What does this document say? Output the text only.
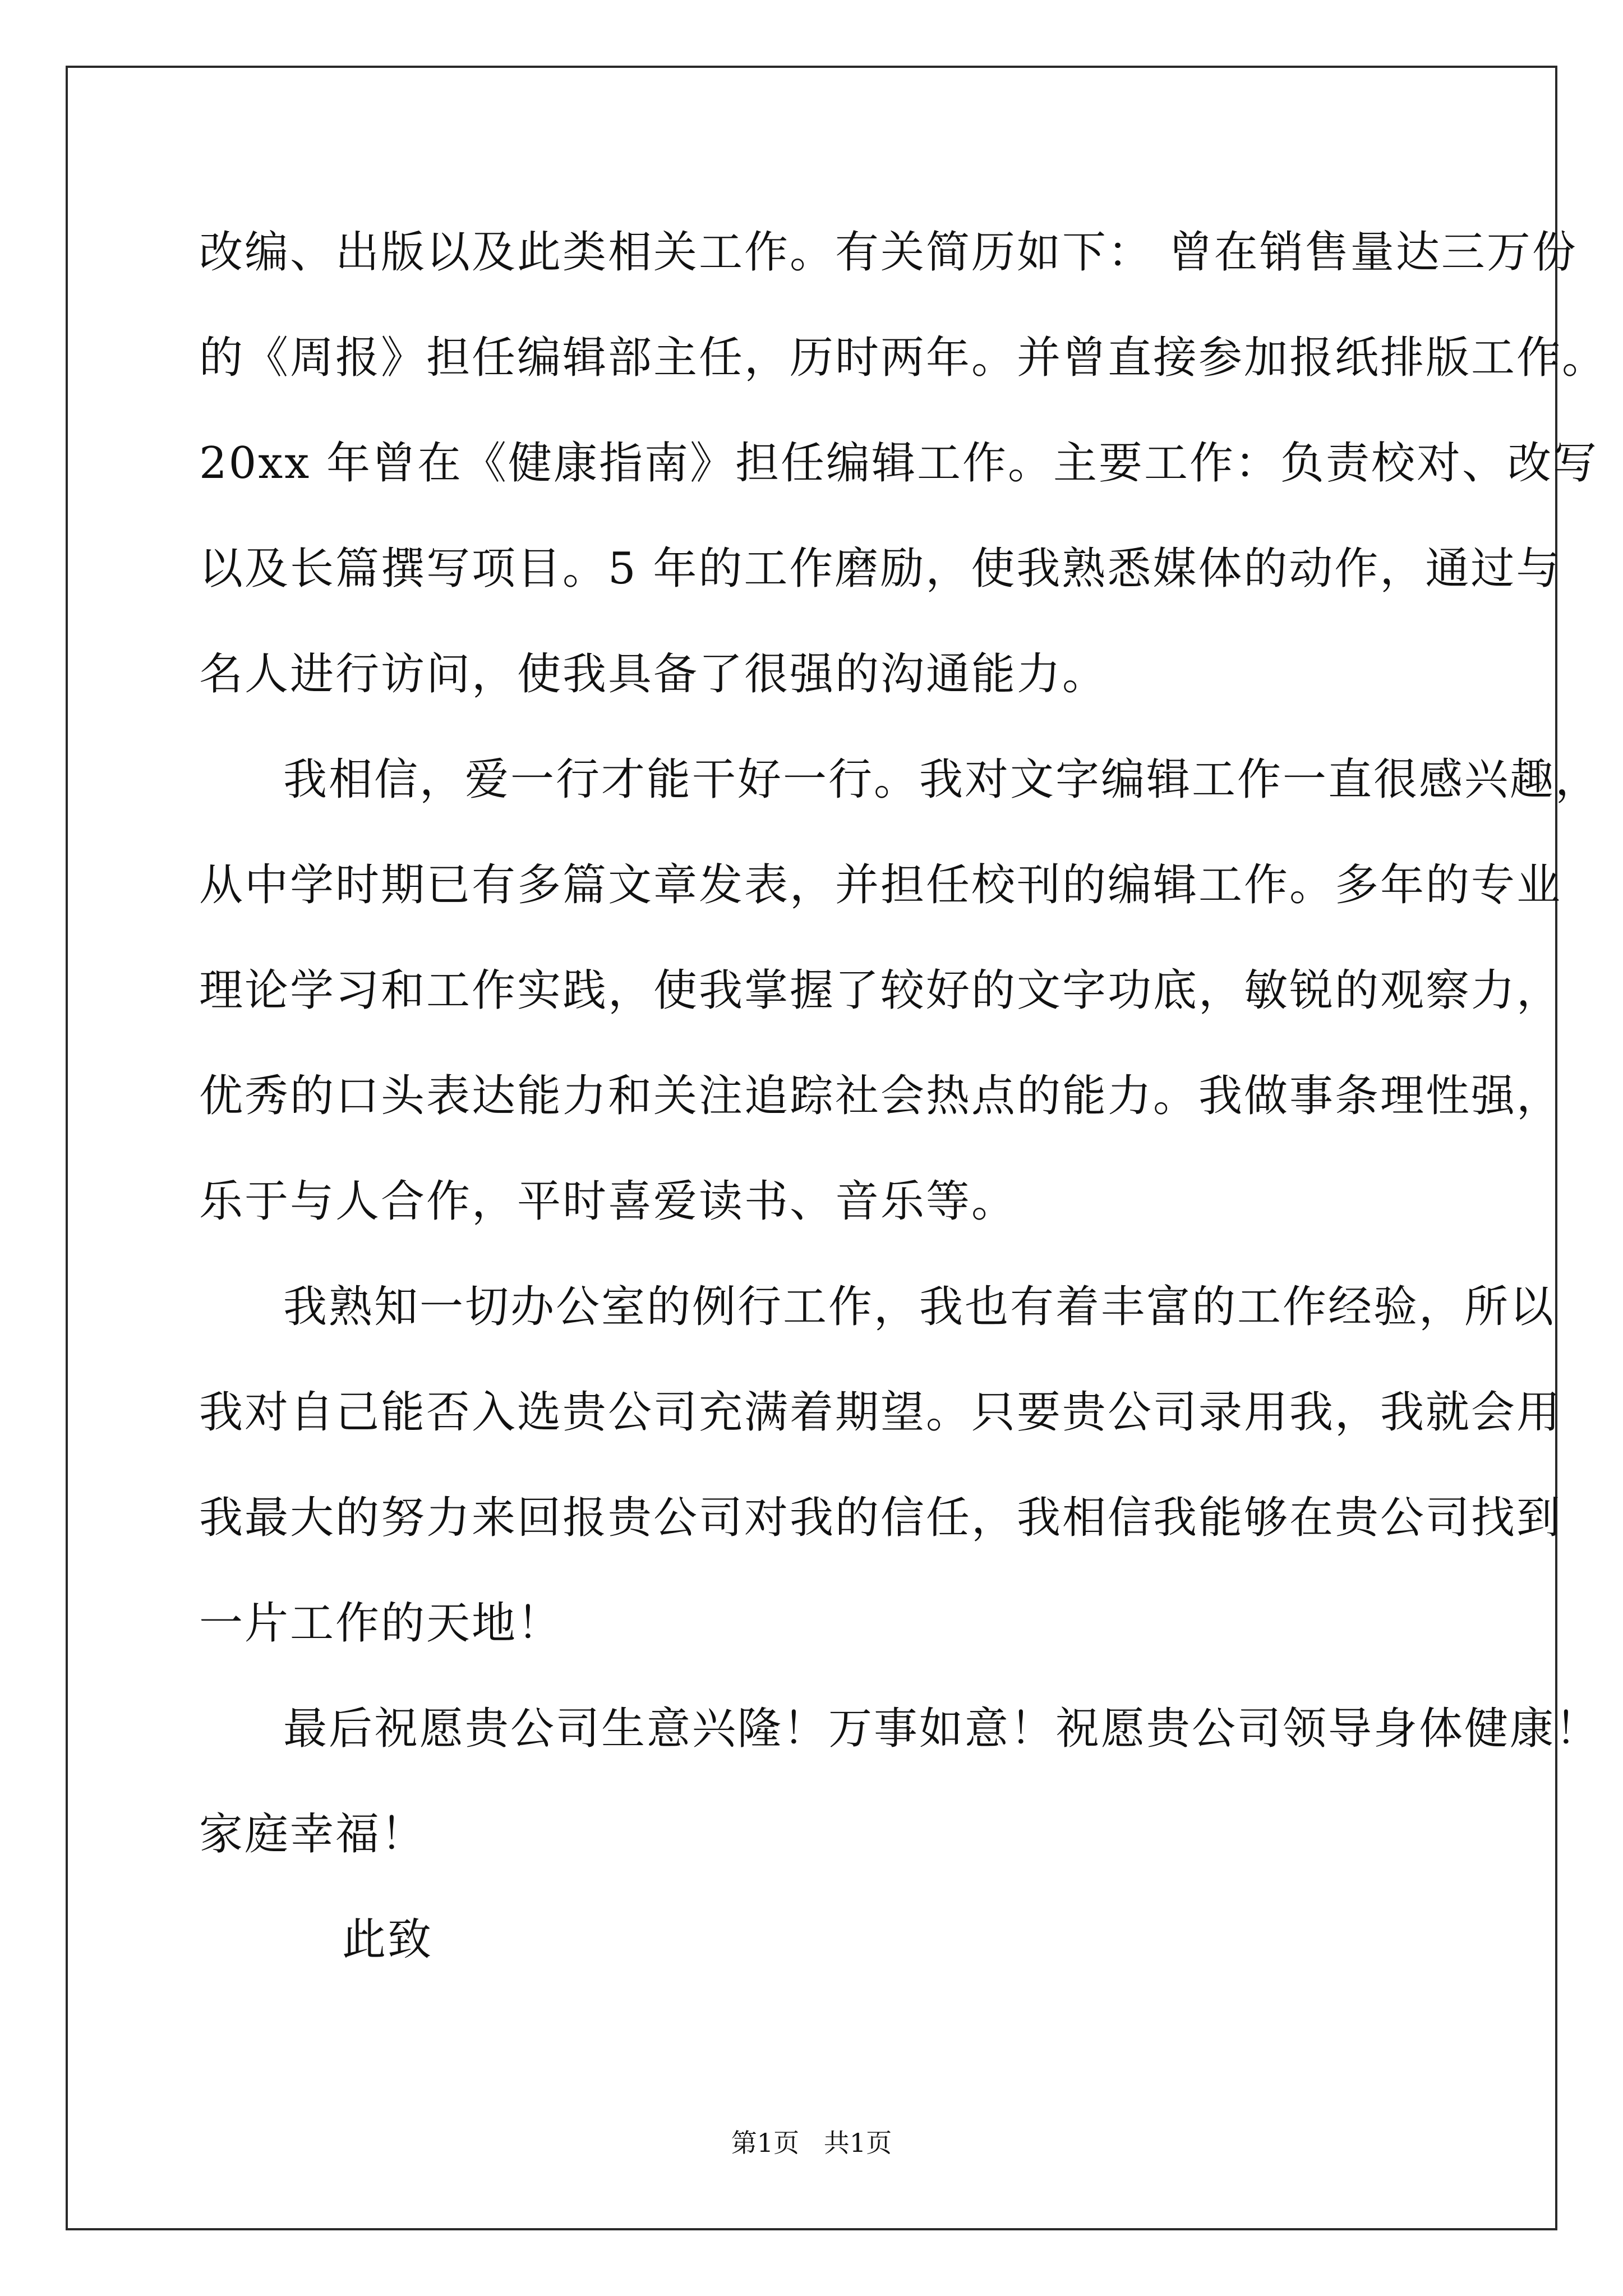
改编、出版以及此类相关工作。有关简历如下： 曾在销售量达三万份
的《周报》担任编辑部主任，历时两年。并曾直接参加报纸排版工作。
20xx 年曾在《健康指南》担任编辑工作。主要工作：负责校对、改写
以及长篇撰写项目。5 年的工作磨励，使我熟悉媒体的动作，通过与
名人进行访问，使我具备了很强的沟通能力。
我相信，爱一行才能干好一行。我对文字编辑工作一直很感兴趣，
从中学时期已有多篇文章发表，并担任校刊的编辑工作。多年的专业
理论学习和工作实践，使我掌握了较好的文字功底，敏锐的观察力，
优秀的口头表达能力和关注追踪社会热点的能力。我做事条理性强，
乐于与人合作，平时喜爱读书、音乐等。
我熟知一切办公室的例行工作，我也有着丰富的工作经验，所以
我对自己能否入选贵公司充满着期望。只要贵公司录用我，我就会用
我最大的努力来回报贵公司对我的信任，我相信我能够在贵公司找到
一片工作的天地！
最后祝愿贵公司生意兴隆！万事如意！祝愿贵公司领导身体健康！
家庭幸福！
此致
第1页   共1页
